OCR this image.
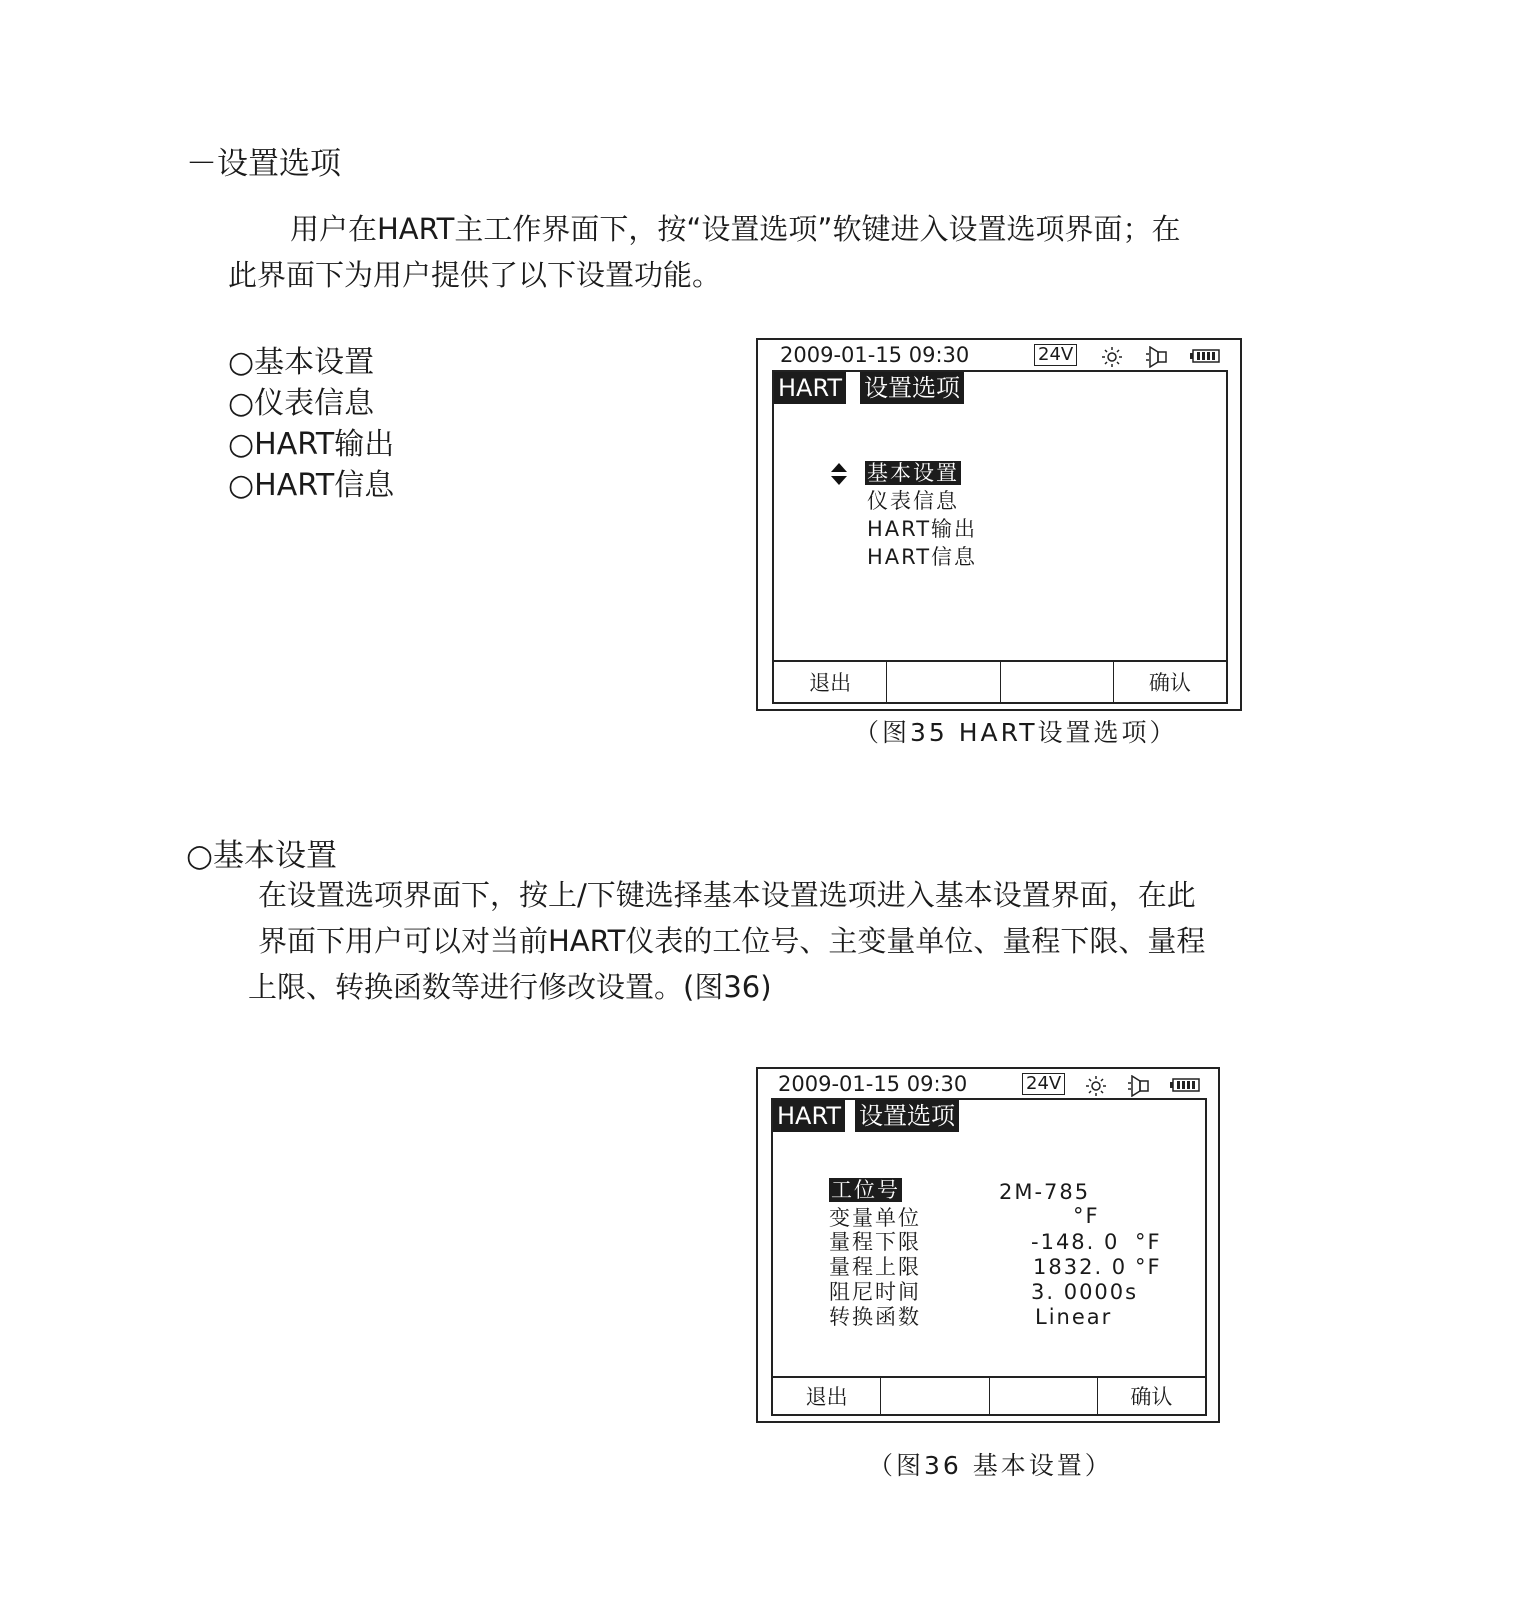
－设置选项
用户在HART主工作界面下，按“设置选项”软键进入设置选项界面；在
此界面下为用户提供了以下设置功能。
○基本设置
○仪表信息
○HART输出
○HART信息
2009-01-15 09:30	24V
HART 设置选项
基本设置
仪表信息
HART输出
HART信息
退出	确认
（图35 HART设置选项）
○基本设置
在设置选项界面下，按上/下键选择基本设置选项进入基本设置界面，在此
界面下用户可以对当前HART仪表的工位号、主变量单位、量程下限、量程
上限、转换函数等进行修改设置。(图36)
2009-01-15 09:30	24V
HART 设置选项
工位号	2M-785
变量单位	°F
量程下限	-148. 0 °F
量程上限	1832. 0 °F
阻尼时间	3. 0000s
转换函数	Linear
退出	确认
（图36 基本设置）
